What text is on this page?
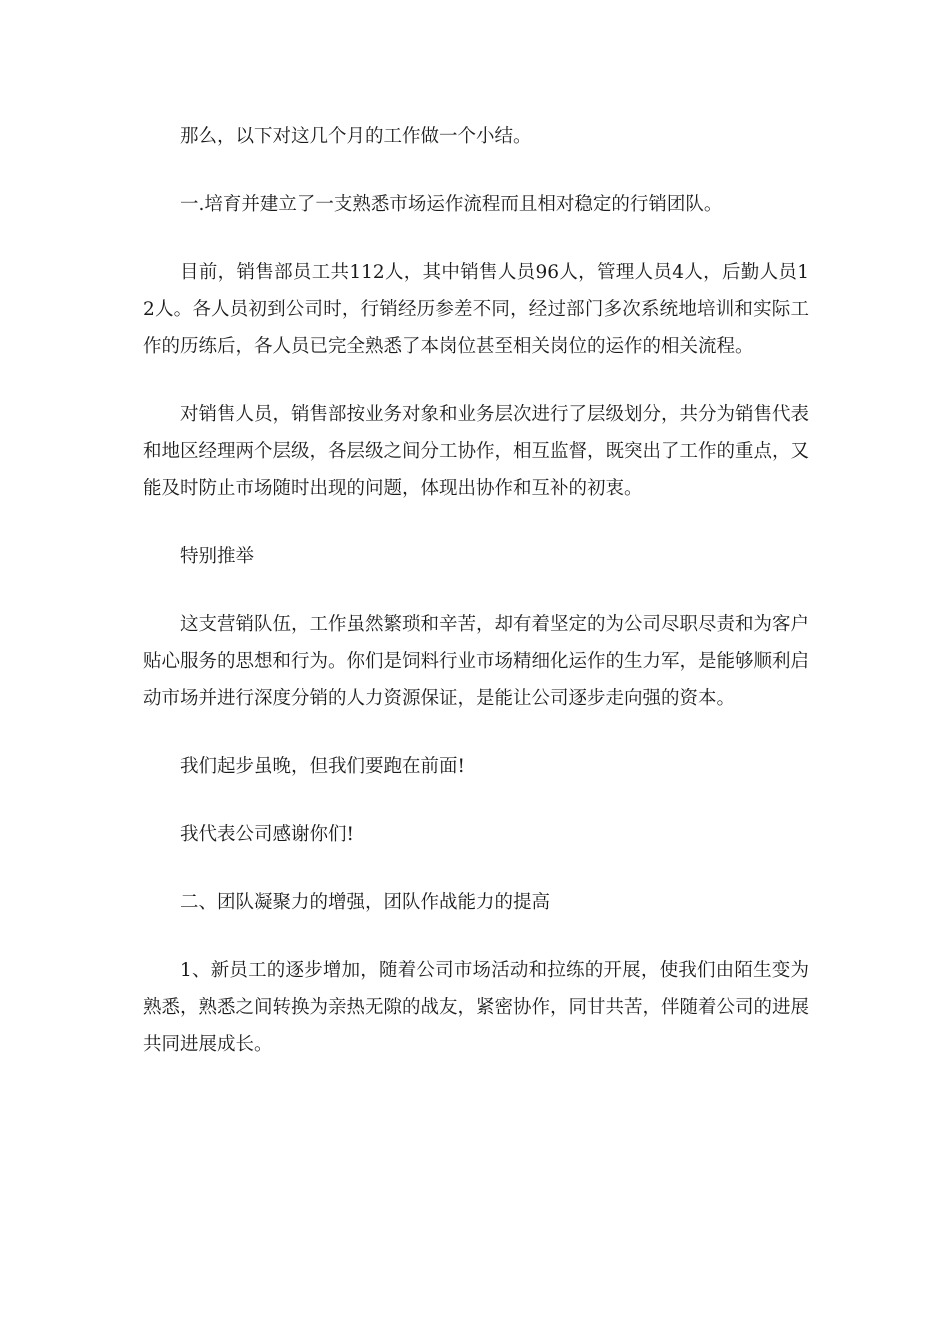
那么，以下对这几个月的工作做一个小结。

一.培育并建立了一支熟悉市场运作流程而且相对稳定的行销团队。

目前，销售部员工共112人，其中销售人员96人，管理人员4人，后勤人员12人。各人员初到公司时，行销经历参差不同，经过部门多次系统地培训和实际工作的历练后，各人员已完全熟悉了本岗位甚至相关岗位的运作的相关流程。

对销售人员，销售部按业务对象和业务层次进行了层级划分，共分为销售代表和地区经理两个层级，各层级之间分工协作，相互监督，既突出了工作的重点，又能及时防止市场随时出现的问题，体现出协作和互补的初衷。

特别推举

这支营销队伍，工作虽然繁琐和辛苦，却有着坚定的为公司尽职尽责和为客户贴心服务的思想和行为。你们是饲料行业市场精细化运作的生力军，是能够顺利启动市场并进行深度分销的人力资源保证，是能让公司逐步走向强的资本。

我们起步虽晚，但我们要跑在前面!

我代表公司感谢你们!

二、团队凝聚力的增强，团队作战能力的提高

1、新员工的逐步增加，随着公司市场活动和拉练的开展，使我们由陌生变为熟悉，熟悉之间转换为亲热无隙的战友，紧密协作，同甘共苦，伴随着公司的进展共同进展成长。
